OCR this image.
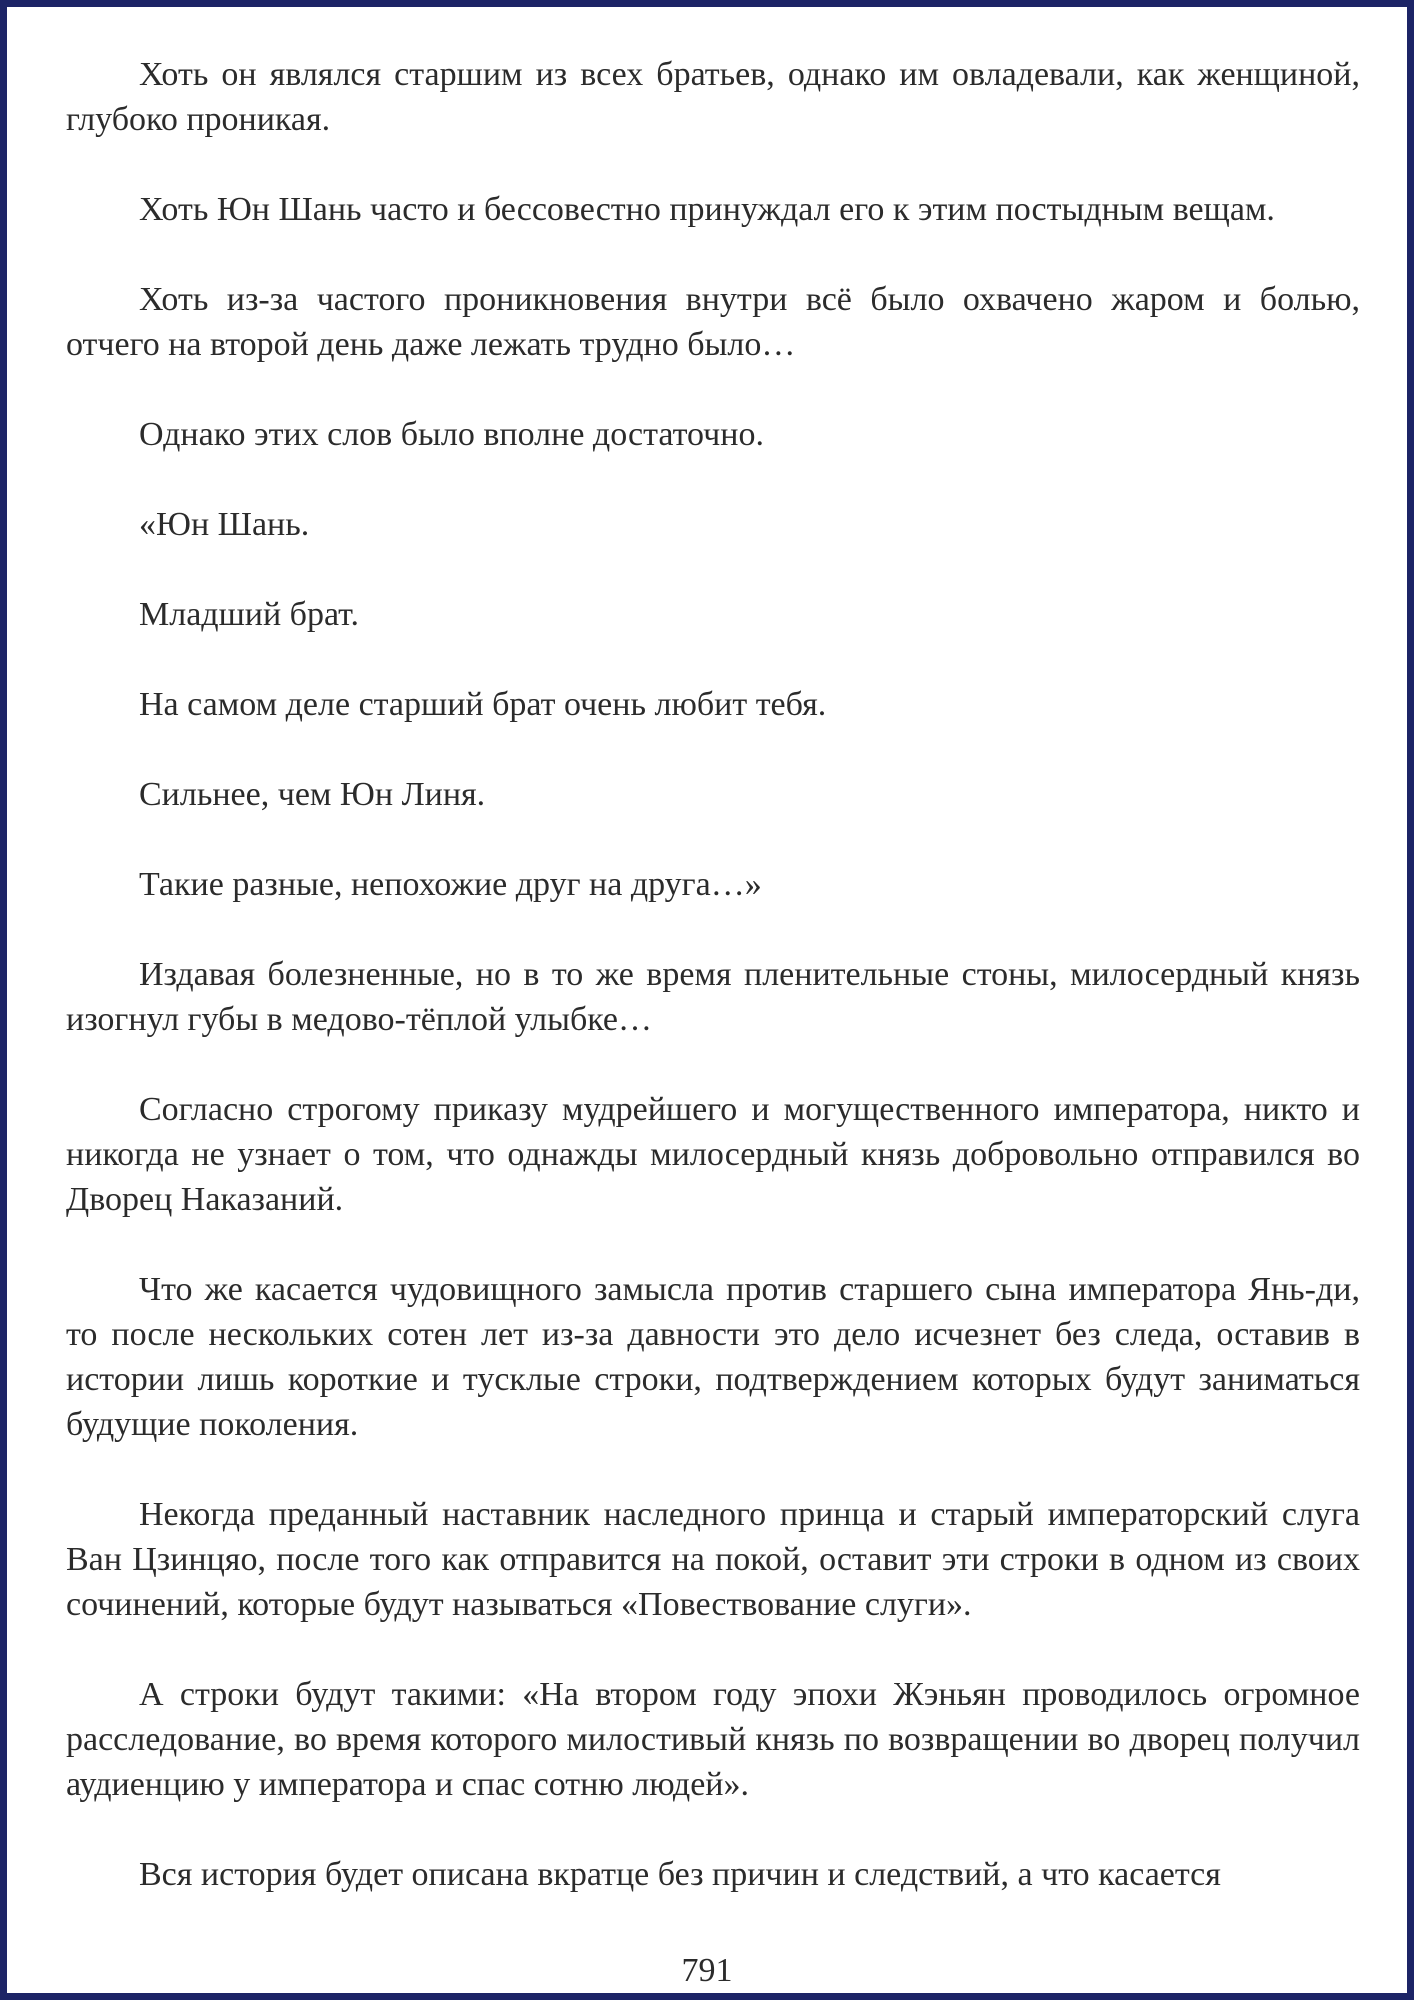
Хоть он являлся старшим из всех братьев, однако им овладевали, как женщиной, глубоко проникая.

Хоть Юн Шань часто и бессовестно принуждал его к этим постыдным вещам.

Хоть из-за частого проникновения внутри всё было охвачено жаром и болью, отчего на второй день даже лежать трудно было…

Однако этих слов было вполне достаточно.

«Юн Шань.

Младший брат.

На самом деле старший брат очень любит тебя.

Сильнее, чем Юн Линя.

Такие разные, непохожие друг на друга…»

Издавая болезненные, но в то же время пленительные стоны, милосердный князь изогнул губы в медово-тёплой улыбке…

Согласно строгому приказу мудрейшего и могущественного императора, никто и никогда не узнает о том, что однажды милосердный князь добровольно отправился во Дворец Наказаний.

Что же касается чудовищного замысла против старшего сына императора Янь-ди, то после нескольких сотен лет из-за давности это дело исчезнет без следа, оставив в истории лишь короткие и тусклые строки, подтверждением которых будут заниматься будущие поколения.

Некогда преданный наставник наследного принца и старый императорский слуга Ван Цзинцяо, после того как отправится на покой, оставит эти строки в одном из своих сочинений, которые будут называться «Повествование слуги».

А строки будут такими: «На втором году эпохи Жэньян проводилось огромное расследование, во время которого милостивый князь по возвращении во дворец получил аудиенцию у императора и спас сотню людей».

Вся история будет описана вкратце без причин и следствий, а что касается

791
